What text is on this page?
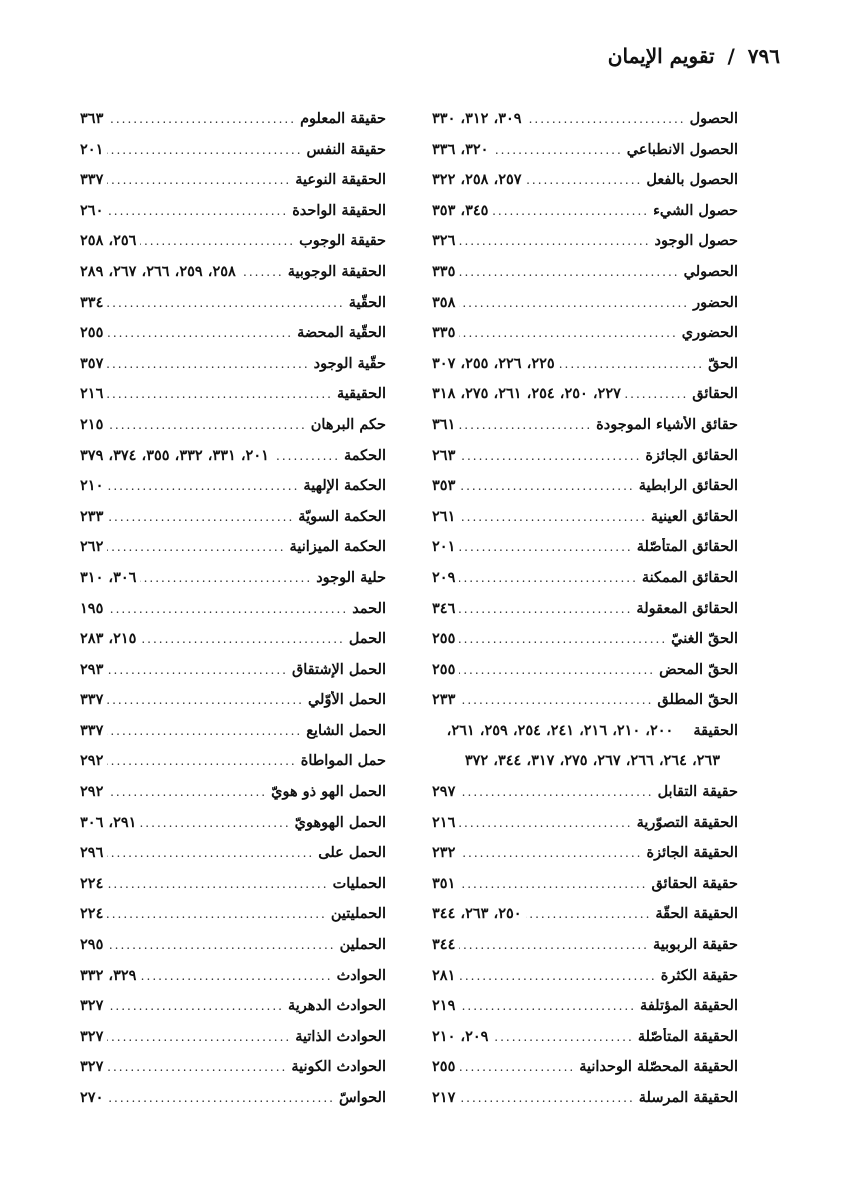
٧٩٦ / تقويم الإيمان
الحصول
.....
٣٠٩، ٣١٢، ٣٣٠
الحصول الانطباعي
.....
٣٢٠، ٣٣٦
الحصول بالفعل
.....
٢٥٧، ٢٥٨، ٣٢٢
حصول الشيء
.....
٣٤٥، ٣٥٣
حصول الوجود
.....
٣٢٦
الحصولي
.....
٣٣٥
الحضور
.....
٣٥٨
الحضوري
.....
٣٣٥
الحقّ
.....
٢٢٥، ٢٢٦، ٢٥٥، ٣٠٧
الحقائق
.....
٢٢٧، ٢٥٠، ٢٥٤، ٢٦١، ٢٧٥، ٣١٨
حقائق الأشياء الموجودة
.....
٣٦١
الحقائق الجائزة
.....
٢٦٣
الحقائق الرابطية
.....
٣٥٣
الحقائق العينية
.....
٢٦١
الحقائق المتأصّلة
.....
٢٠١
الحقائق الممكنة
.....
٢٠٩
الحقائق المعقولة
.....
٣٤٦
الحقّ الغنيّ
.....
٢٥٥
الحقّ المحض
.....
٢٥٥
الحقّ المطلق
.....
٢٣٣
الحقيقة
٢٠٠، ٢١٠، ٢١٦، ٢٤١، ٢٥٤، ٢٥٩، ٢٦١،
٢٦٣، ٢٦٤، ٢٦٦، ٢٦٧، ٢٧٥، ٣١٧، ٣٤٤، ٣٧٢
حقيقة التقابل
.....
٢٩٧
الحقيقة التصوّرية
.....
٢١٦
الحقيقة الجائزة
.....
٢٣٢
حقيقة الحقائق
.....
٣٥١
الحقيقة الحقّة
.....
٢٥٠، ٢٦٣، ٣٤٤
حقيقة الربوبية
.....
٣٤٤
حقيقة الكثرة
.....
٢٨١
الحقيقة المؤتلفة
.....
٢١٩
الحقيقة المتأصّلة
.....
٢٠٩، ٢١٠
الحقيقة المحصّلة الوحدانية
.....
٢٥٥
الحقيقة المرسلة
.....
٢١٧
حقيقة المعلوم
.....
٣٦٣
حقيقة النفس
.....
٢٠١
الحقيقة النوعية
.....
٣٣٧
الحقيقة الواحدة
.....
٢٦٠
حقيقة الوجوب
.....
٢٥٦، ٢٥٨
الحقيقة الوجوبية
.....
٢٥٨، ٢٥٩، ٢٦٦، ٢٦٧، ٢٨٩
الحقّية
.....
٣٣٤
الحقّية المحضة
.....
٢٥٥
حقّية الوجود
.....
٣٥٧
الحقيقية
.....
٢١٦
حكم البرهان
.....
٢١٥
الحكمة
.....
٢٠١، ٣٣١، ٣٣٢، ٣٥٥، ٣٧٤، ٣٧٩
الحكمة الإلهية
.....
٢١٠
الحكمة السويّة
.....
٢٣٣
الحكمة الميزانية
.....
٢٦٢
حلية الوجود
.....
٣٠٦، ٣١٠
الحمد
.....
١٩٥
الحمل
.....
٢١٥، ٢٨٣
الحمل الإشتقاق
.....
٢٩٣
الحمل الأوّلي
.....
٣٣٧
الحمل الشايع
.....
٣٣٧
حمل المواطاة
.....
٢٩٢
الحمل الهو ذو هويّ
.....
٢٩٢
الحمل الهوهويّ
.....
٢٩١، ٣٠٦
الحمل على
.....
٢٩٦
الحمليات
.....
٢٢٤
الحمليتين
.....
٢٢٤
الحملين
.....
٢٩٥
الحوادث
.....
٣٢٩، ٣٣٢
الحوادث الدهرية
.....
٣٢٧
الحوادث الذاتية
.....
٣٢٧
الحوادث الكونية
.....
٣٢٧
الحواسّ
.....
٢٧٠
